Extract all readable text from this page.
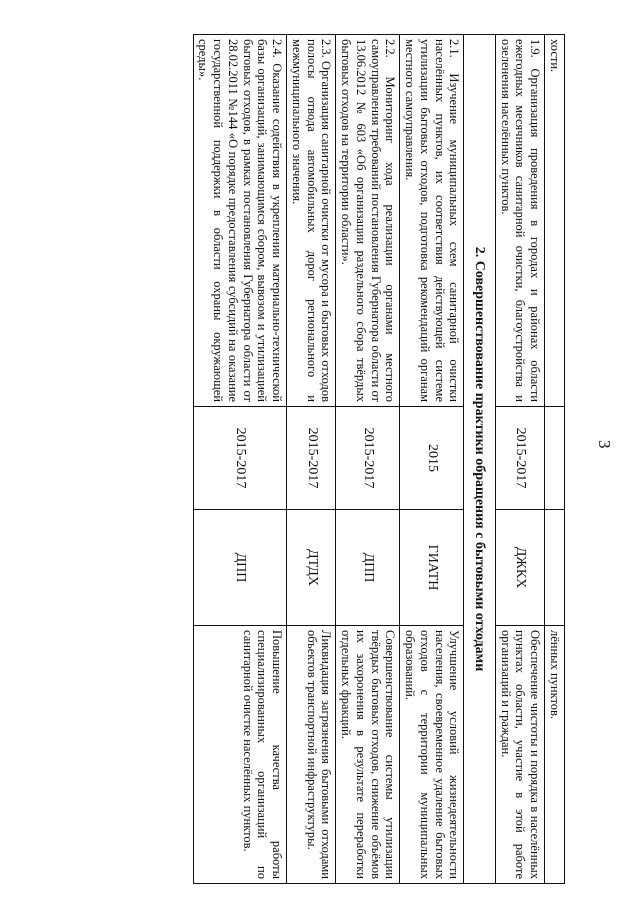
3
хости.			лённых пунктов.
1.9. Организация проведения в городах и районах области ежегодных месячников санитарной очистки, благоустройства и озеленения населённых пунктов.	2015-2017	ДЖКХ	Обеспечение чистоты и порядка в населённых пунктах области, участие в этой работе организаций и граждан.
2. Совершенствование практики обращения с бытовыми отходами			
2.1. Изучение муниципальных схем санитарной очистки населённых пунктов, их соответствия действующей системе утилизации бытовых отходов, подготовка рекомендаций органам местного самоуправления.	2015	ГИАТН	Улучшение условий жизнедеятельности населения, своевременное удаление бытовых отходов с территории муниципальных образований.
2.2. Мониторинг хода реализации органами местного самоуправления требований постановления Губернатора области от 13.06.2012 № 603 «Об организации раздельного сбора твёрдых бытовых отходов на территории области».	2015-2017	ДПП	Совершенствование системы утилизации твёрдых бытовых отходов, снижение объёмов их захоронения в результате переработки отдельных фракций.
2.3. Организация санитарной очистки от мусора и бытовых отходов полосы отвода автомобильных дорог регионального и межмуниципального значения.	2015-2017	ДТДХ	Ликвидация загрязнения бытовыми отходами объектов транспортной инфраструктуры.
2.4. Оказание содействия в укреплении материально-технической базы организаций, занимающимся сбором, вывозом и утилизацией бытовых отходов, в рамках постановления Губернатора области от 28.02.2011 №144 «О порядке предоставления субсидий на оказание государственной поддержки в области охраны окружающей среды».	2015-2017	ДПП	Повышение качества работы специализированных организаций по санитарной очистке населённых пунктов.
